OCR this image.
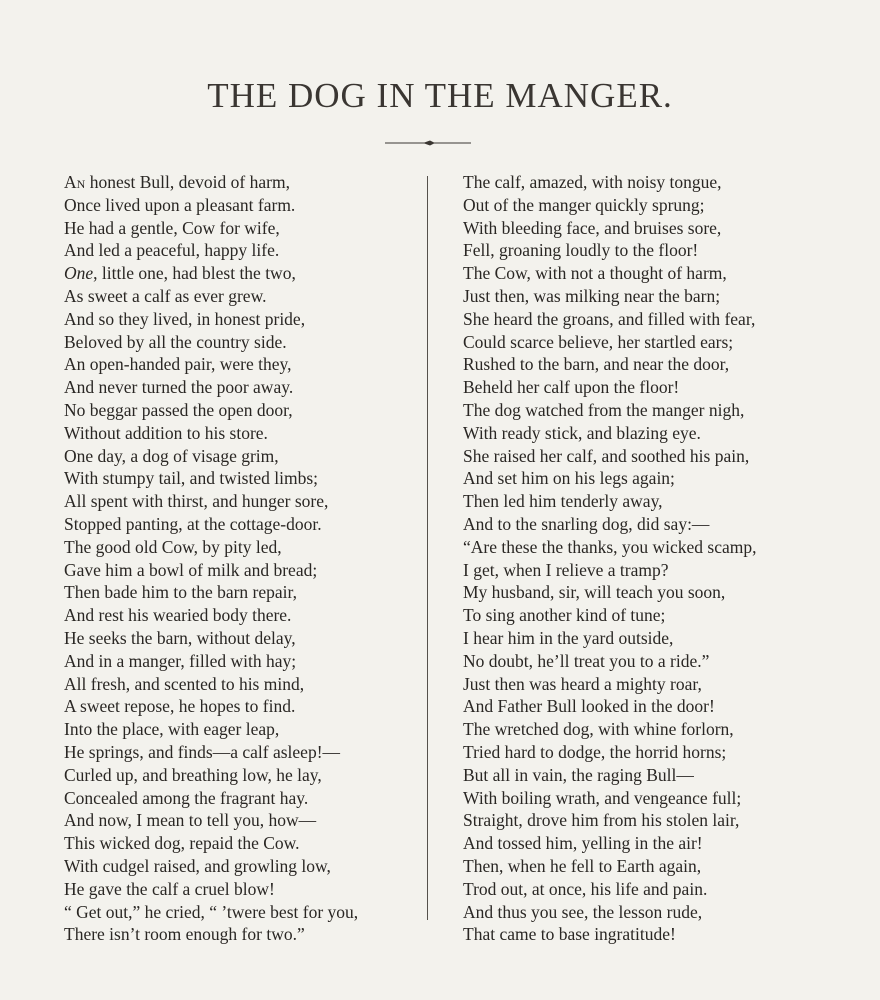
THE DOG IN THE MANGER.
An honest Bull, devoid of harm,
Once lived upon a pleasant farm.
He had a gentle, Cow for wife,
And led a peaceful, happy life.
One, little one, had blest the two,
As sweet a calf as ever grew.
And so they lived, in honest pride,
Beloved by all the country side.
An open-handed pair, were they,
And never turned the poor away.
No beggar passed the open door,
Without addition to his store.
One day, a dog of visage grim,
With stumpy tail, and twisted limbs;
All spent with thirst, and hunger sore,
Stopped panting, at the cottage-door.
The good old Cow, by pity led,
Gave him a bowl of milk and bread;
Then bade him to the barn repair,
And rest his wearied body there.
He seeks the barn, without delay,
And in a manger, filled with hay;
All fresh, and scented to his mind,
A sweet repose, he hopes to find.
Into the place, with eager leap,
He springs, and finds—a calf asleep!—
Curled up, and breathing low, he lay,
Concealed among the fragrant hay.
And now, I mean to tell you, how—
This wicked dog, repaid the Cow.
With cudgel raised, and growling low,
He gave the calf a cruel blow!
“ Get out,” he cried, “ ’twere best for you,
There isn’t room enough for two.”
The calf, amazed, with noisy tongue,
Out of the manger quickly sprung;
With bleeding face, and bruises sore,
Fell, groaning loudly to the floor!
The Cow, with not a thought of harm,
Just then, was milking near the barn;
She heard the groans, and filled with fear,
Could scarce believe, her startled ears;
Rushed to the barn, and near the door,
Beheld her calf upon the floor!
The dog watched from the manger nigh,
With ready stick, and blazing eye.
She raised her calf, and soothed his pain,
And set him on his legs again;
Then led him tenderly away,
And to the snarling dog, did say:—
“Are these the thanks, you wicked scamp,
I get, when I relieve a tramp?
My husband, sir, will teach you soon,
To sing another kind of tune;
I hear him in the yard outside,
No doubt, he’ll treat you to a ride.”
Just then was heard a mighty roar,
And Father Bull looked in the door!
The wretched dog, with whine forlorn,
Tried hard to dodge, the horrid horns;
But all in vain, the raging Bull—
With boiling wrath, and vengeance full;
Straight, drove him from his stolen lair,
And tossed him, yelling in the air!
Then, when he fell to Earth again,
Trod out, at once, his life and pain.
And thus you see, the lesson rude,
That came to base ingratitude!
